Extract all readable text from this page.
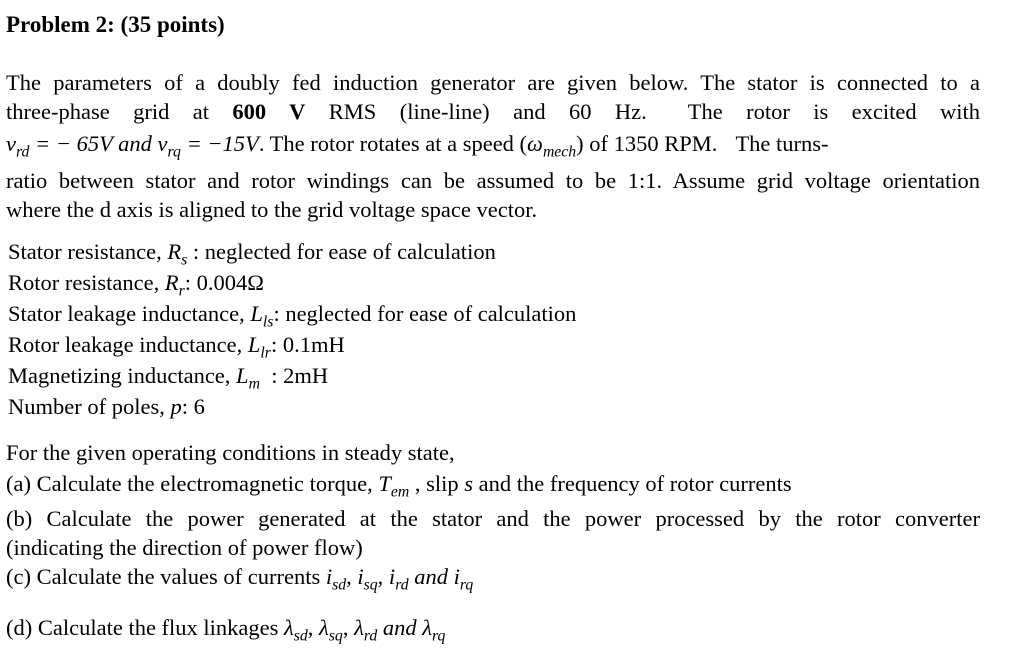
Problem 2: (35 points)
The parameters of a doubly fed induction generator are given below. The stator is connected to a
three-phase grid at 600 V RMS (line-line) and 60 Hz. The rotor is excited with
$v_{rd}$ = − 65V and $v_{rq} = -15V$. The rotor rotates at a speed $(\omega_{mech})$ of 1350 RPM. The turns-
ratio between stator and rotor windings can be assumed to be 1:1. Assume grid voltage orientation
where the d axis is aligned to the grid voltage space vector.
Stator resistance, $R_s$ : neglected for ease of calculation
Rotor resistance, $R_r$: 0.004Ω
Stator leakage inductance, $L_{ls}$: neglected for ease of calculation
Rotor leakage inductance, $L_{lr}$: 0.1mH
Magnetizing inductance, $L_m$  : 2mH
Number of poles, p: 6
For the given operating conditions in steady state,
(a) Calculate the electromagnetic torque, $T_{em}$ , slip s and the frequency of rotor currents
(b) Calculate the power generated at the stator and the power processed by the rotor converter
(indicating the direction of power flow)
(c) Calculate the values of currents $i_{sd}$, $i_{sq}$, $i_{rd}$ and $i_{rq}$
(d) Calculate the flux linkages $\lambda_{sd}$, $\lambda_{sq}$, $\lambda_{rd}$ and $\lambda_{rq}$
